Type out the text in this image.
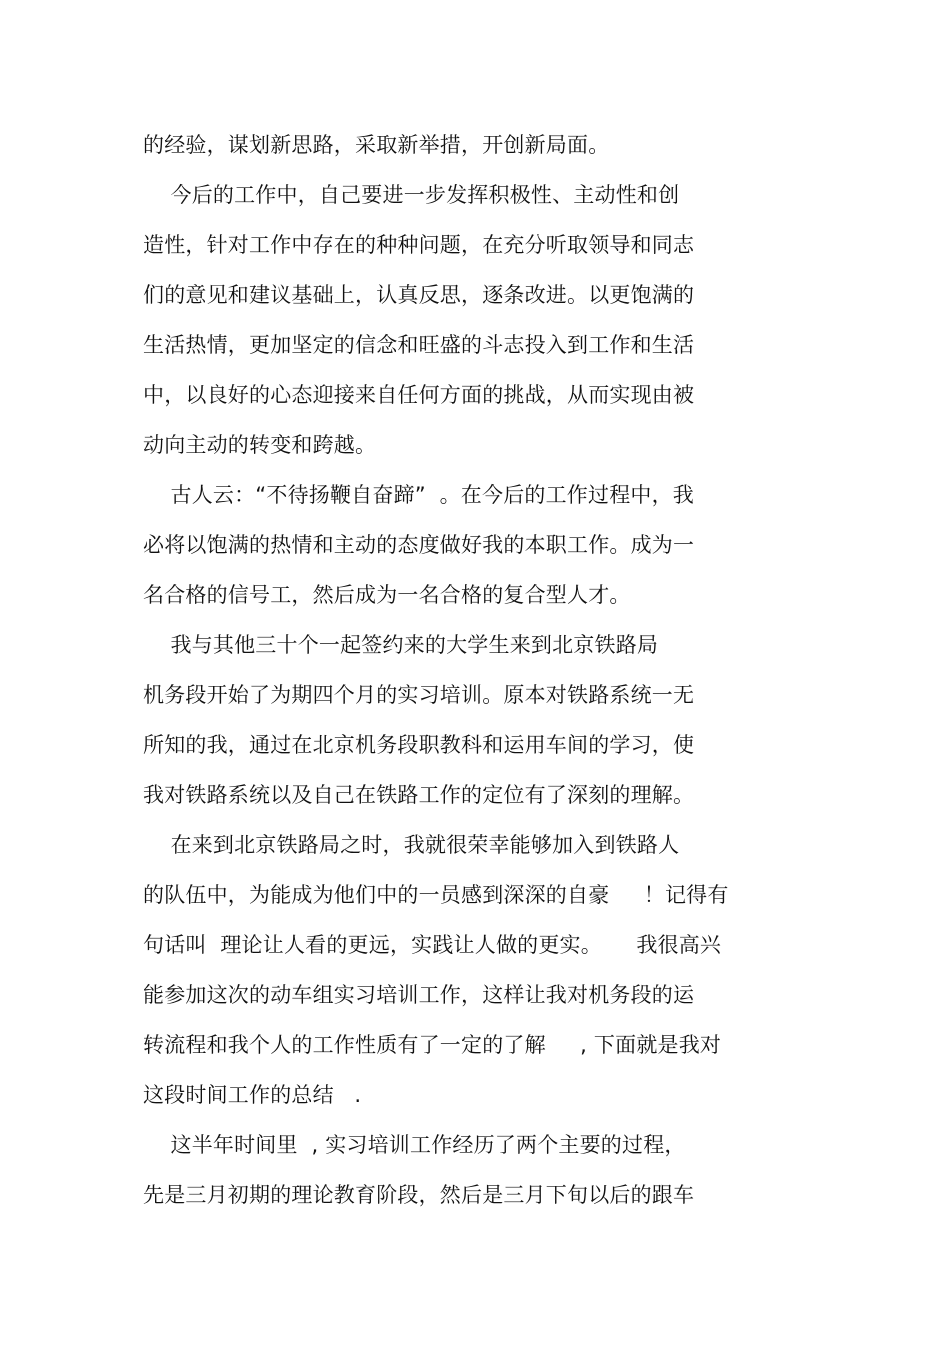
的经验，谋划新思路，采取新举措，开创新局面。
今后的工作中，自己要进一步发挥积极性、主动性和创
造性，针对工作中存在的种种问题，在充分听取领导和同志
们的意见和建议基础上，认真反思，逐条改进。以更饱满的
生活热情，更加坚定的信念和旺盛的斗志投入到工作和生活
中，以良好的心态迎接来自任何方面的挑战，从而实现由被
动向主动的转变和跨越。
古人云：“不待扬鞭自奋蹄”  。在今后的工作过程中，我
必将以饱满的热情和主动的态度做好我的本职工作。成为一
名合格的信号工，然后成为一名合格的复合型人才。
我与其他三十个一起签约来的大学生来到北京铁路局
机务段开始了为期四个月的实习培训。原本对铁路系统一无
所知的我，通过在北京机务段职教科和运用车间的学习，使
我对铁路系统以及自己在铁路工作的定位有了深刻的理解。
在来到北京铁路局之时，我就很荣幸能够加入到铁路人
的队伍中，为能成为他们中的一员感到深深的自豪     ！记得有
句话叫  理论让人看的更远，实践让人做的更实。     我很高兴
能参加这次的动车组实习培训工作，这样让我对机务段的运
转流程和我个人的工作性质有了一定的了解     , 下面就是我对
这段时间工作的总结   .
这半年时间里  , 实习培训工作经历了两个主要的过程，
先是三月初期的理论教育阶段，然后是三月下旬以后的跟车
